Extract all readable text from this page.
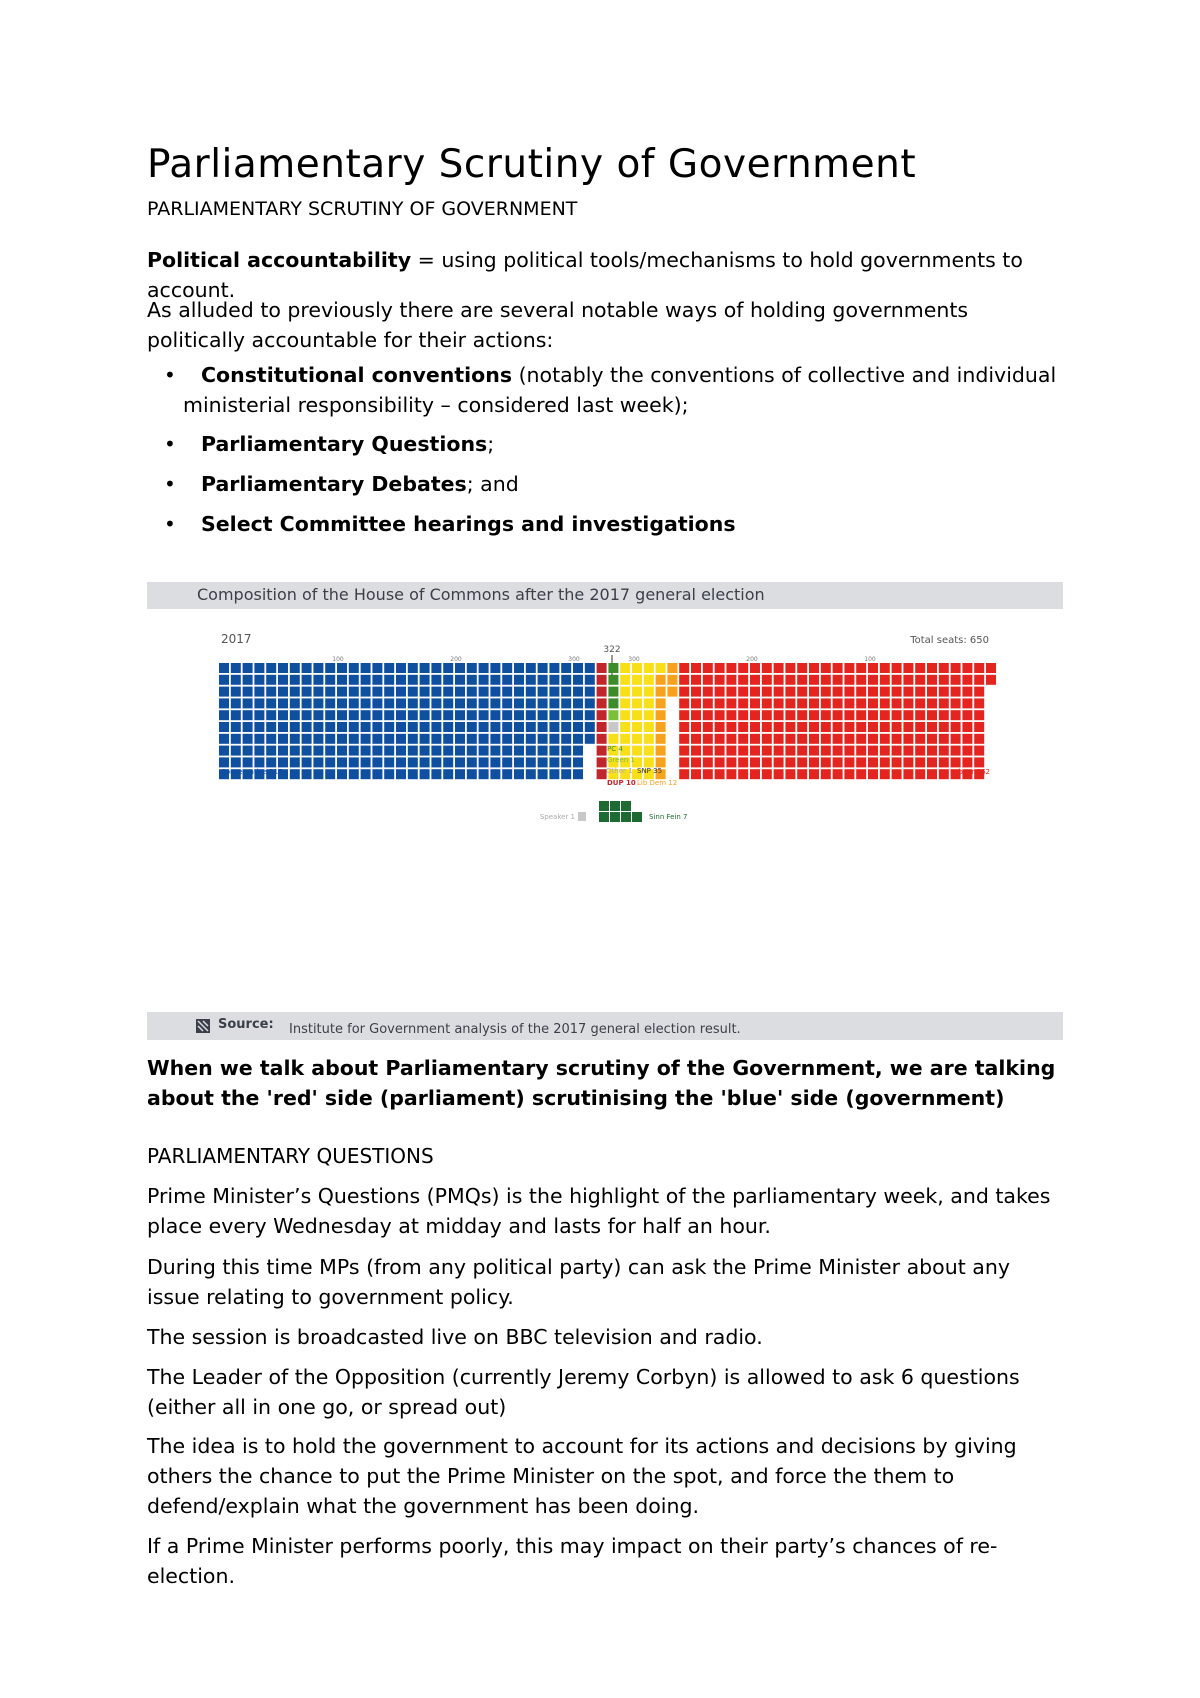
Parliamentary Scrutiny of Government
PARLIAMENTARY SCRUTINY OF GOVERNMENT
Political accountability = using political tools/mechanisms to hold governments to account.
As alluded to previously there are several notable ways of holding governments politically accountable for their actions:
•	Constitutional conventions (notably the conventions of collective and individual
ministerial responsibility – considered last week);
•	Parliamentary Questions;
•	Parliamentary Debates; and
•	Select Committee hearings and investigations
Composition of the House of Commons after the 2017 general election
2017	Total seats: 650
322
100	200	300	300	200	100
Conservative 317	Labour 262
PC 4
Green 1
Other 1 SNP 35
DUP 10 Lib Dem 12
Speaker 1	Sinn Fein 7
Source: Institute for Government analysis of the 2017 general election result.
When we talk about Parliamentary scrutiny of the Government, we are talking about the 'red' side (parliament) scrutinising the 'blue' side (government)
PARLIAMENTARY QUESTIONS
Prime Minister’s Questions (PMQs) is the highlight of the parliamentary week, and takes place every Wednesday at midday and lasts for half an hour.
During this time MPs (from any political party) can ask the Prime Minister about any issue relating to government policy.
The session is broadcasted live on BBC television and radio.
The Leader of the Opposition (currently Jeremy Corbyn) is allowed to ask 6 questions (either all in one go, or spread out)
The idea is to hold the government to account for its actions and decisions by giving others the chance to put the Prime Minister on the spot, and force the them to defend/explain what the government has been doing.
If a Prime Minister performs poorly, this may impact on their party’s chances of re-election.
